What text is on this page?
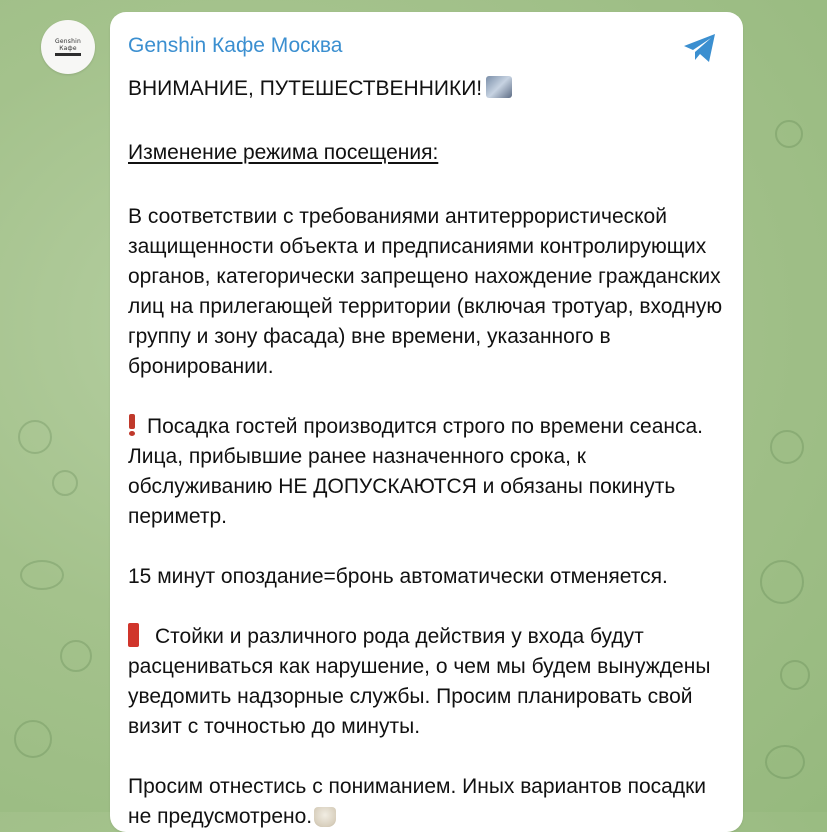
Genshin
Кафе Genshin Кафе Москва

ВНИМАНИЕ, ПУТЕШЕСТВЕННИКИ!

Изменение режима посещения:

В соответствии с требованиями антитеррористической защищенности объекта и предписаниями контролирующих органов, категорически запрещено нахождение гражданских лиц на прилегающей территории (включая тротуар, входную группу и зону фасада) вне времени, указанного в бронировании.

Посадка гостей производится строго по времени сеанса. Лица, прибывшие ранее назначенного срока, к обслуживанию НЕ ДОПУСКАЮТСЯ и обязаны покинуть периметр.

15 минут опоздание=бронь автоматически отменяется.

Стойки и различного рода действия у входа будут расцениваться как нарушение, о чем мы будем вынуждены уведомить надзорные службы. Просим планировать свой визит с точностью до минуты.

Просим отнестись с пониманием. Иных вариантов посадки не предусмотрено.
